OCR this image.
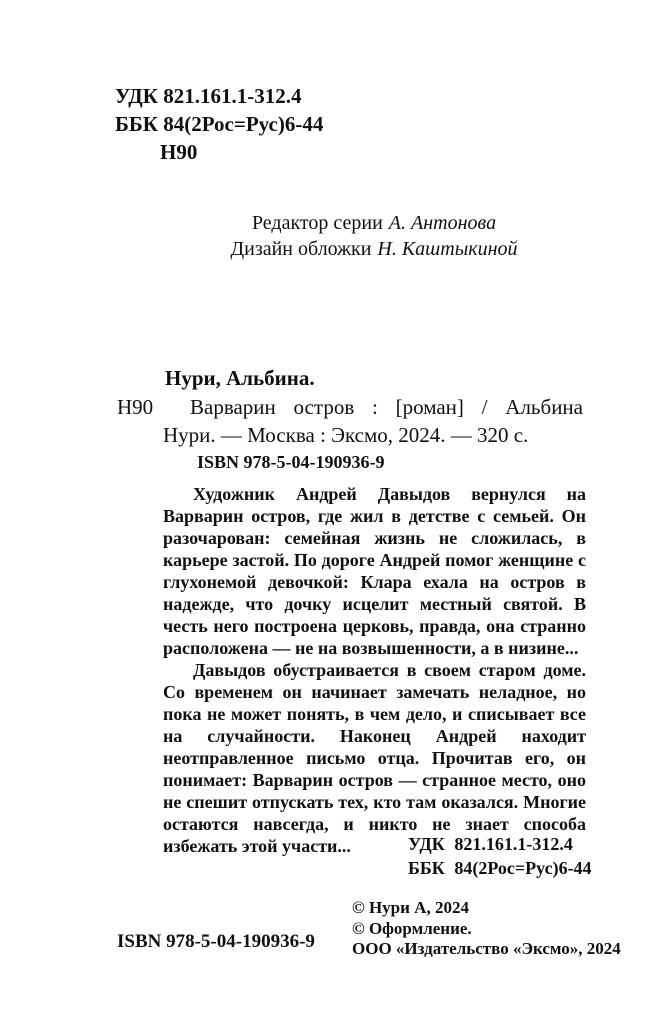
УДК 821.161.1-312.4
ББК 84(2Рос=Рус)6-44
Н90
Редактор серии А. Антонова
Дизайн обложки Н. Каштыкиной
Нури, Альбина.
Н90	Варварин остров : [роман] / Альбина
Нури. — Москва : Эксмо, 2024. — 320 с.
ISBN 978-5-04-190936-9

Художник Андрей Давыдов вернулся на Варварин остров, где жил в детстве с семьей. Он разочарован: семейная жизнь не сложилась, в карьере застой. По дороге Андрей помог женщине с глухонемой девочкой: Клара ехала на остров в надежде, что дочку исцелит местный святой. В честь него построена церковь, правда, она странно расположена — не на возвышенности, а в низине...

Давыдов обустраивается в своем старом доме. Со временем он начинает замечать неладное, но пока не может понять, в чем дело, и списывает все на случайности. Наконец Андрей находит неотправленное письмо отца. Прочитав его, он понимает: Варварин остров — странное место, оно не спешит отпускать тех, кто там оказался. Многие остаются навсегда, и никто не знает способа избежать этой участи...	УДК 821.161.1-312.4
ББК 84(2Рос=Рус)6-44
© Нури А, 2024
© Оформление.
ООО «Издательство «Эксмо», 2024
ISBN 978-5-04-190936-9
